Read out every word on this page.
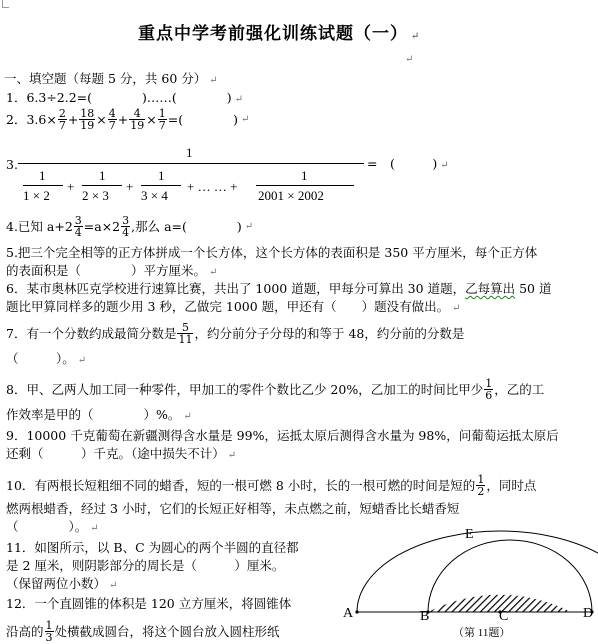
重点中学考前强化训练试题（一） ↵
↵
一、填空题（每题 5 分，共 60 分） ↵
1．6.3÷2.2=(　　　　)……(　　　　) ↵
2．$3.6\times \frac{2}{7} + \frac{18}{19} \times \frac{4}{7} + \frac{4}{19} \times \frac{1}{7}$ =(　　　　) ↵
3.
1
1
1 × 2
+
1
2 × 3
+
1
3 × 4
+ … … +
1
2001 × 2002
=　(　　　) ↵
4.已知 $a+2 \frac{3}{4} =a\times 2 \frac{3}{4}$ ,那么 a=(　　　　) ↵
5.把三个完全相等的正方体拼成一个长方体，这个长方体的表面积是 350 平方厘米，每个正方体
的表面积是（　　　　）平方厘米。 ↵
6．某市奥林匹克学校进行速算比赛，共出了 1000 道题，甲每分可算出 30 道题，乙每算出 50 道
题比甲算同样多的题少用 3 秒，乙做完 1000 题，甲还有（　　）题没有做出。 ↵
7．有一个分数约成最简分数是 $\frac{5}{11}$ ，约分前分子分母的和等于 48，约分前的分数是
（　　　）。 ↵
8．甲、乙两人加工同一种零件，甲加工的零件个数比乙少 20%，乙加工的时间比甲少 $\frac{1}{6}$ ，乙的工
作效率是甲的（　　　　）%。 ↵
9．10000 千克葡萄在新疆测得含水量是 99%，运抵太原后测得含水量为 98%，问葡萄运抵太原后
还剩（　　　）千克。（途中损失不计） ↵
10．有两根长短粗细不同的蜡香，短的一根可燃 8 小时，长的一根可燃的时间是短的 $\frac{1}{2}$ ，同时点
燃两根蜡香，经过 3 小时，它们的长短正好相等，未点燃之前，短蜡香比长蜡香短
（　　　　）。 ↵
11．如图所示，以 B、C 为圆心的两个半圆的直径都
是 2 厘米，则阴影部分的周长是（　　　）厘米。
（保留两位小数） ↵
12．一个直圆锥的体积是 120 立方厘米，将圆锥体
沿高的 $\frac{1}{3}$ 处横截成圆台，将这个圆台放入圆柱形纸
A	B	C	D
E
（第 11题）
